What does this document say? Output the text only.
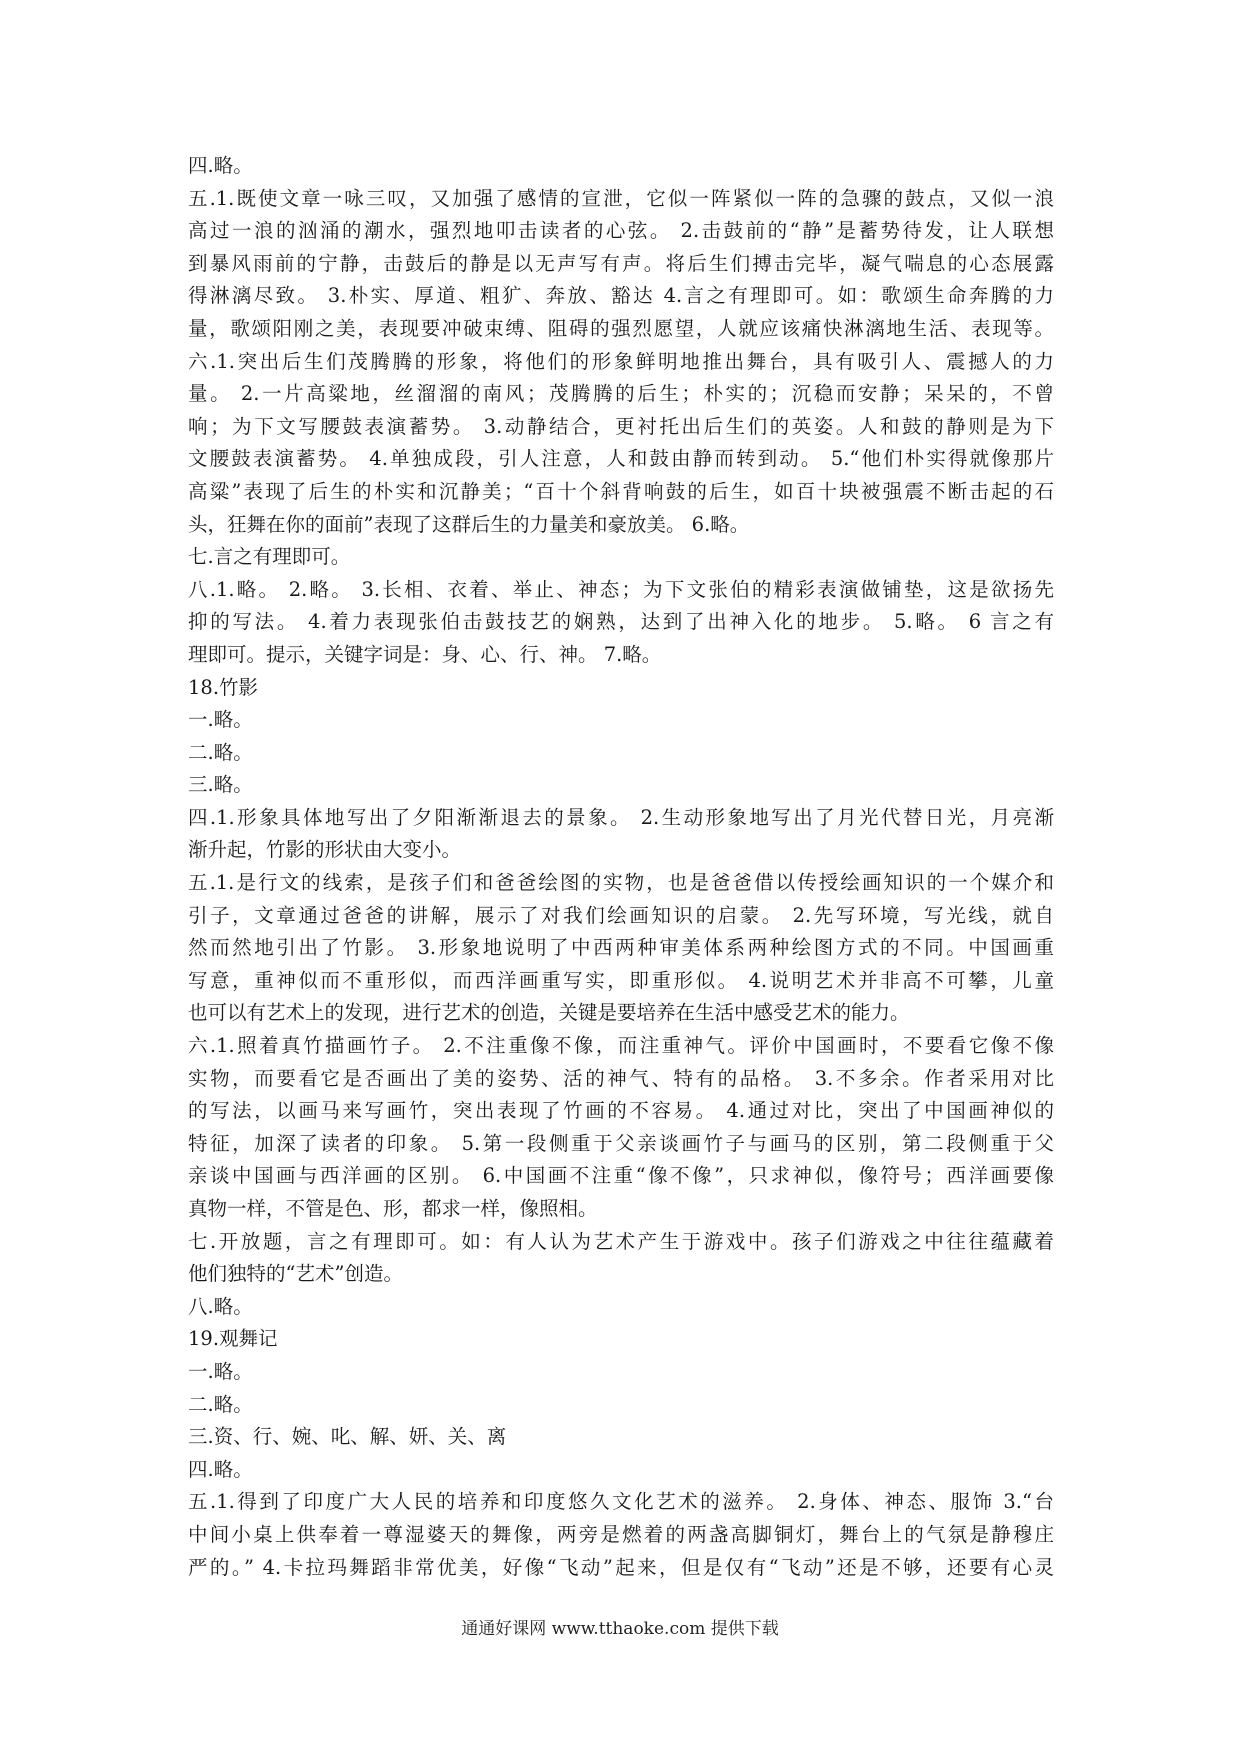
四.略。
五.1.既使文章一咏三叹，又加强了感情的宣泄，它似一阵紧似一阵的急骤的鼓点，又似一浪
高过一浪的汹涌的潮水，强烈地叩击读者的心弦。 2.击鼓前的“静”是蓄势待发，让人联想
到暴风雨前的宁静，击鼓后的静是以无声写有声。将后生们搏击完毕，凝气喘息的心态展露
得淋漓尽致。 3.朴实、厚道、粗犷、奔放、豁达 4.言之有理即可。如：歌颂生命奔腾的力
量，歌颂阳刚之美，表现要冲破束缚、阻碍的强烈愿望，人就应该痛快淋漓地生活、表现等。
六.1.突出后生们茂腾腾的形象，将他们的形象鲜明地推出舞台，具有吸引人、震撼人的力
量。 2.一片高粱地，丝溜溜的南风；茂腾腾的后生；朴实的；沉稳而安静；呆呆的，不曾
响；为下文写腰鼓表演蓄势。 3.动静结合，更衬托出后生们的英姿。人和鼓的静则是为下
文腰鼓表演蓄势。 4.单独成段，引人注意，人和鼓由静而转到动。 5.“他们朴实得就像那片
高粱”表现了后生的朴实和沉静美；“百十个斜背响鼓的后生，如百十块被强震不断击起的石
头，狂舞在你的面前”表现了这群后生的力量美和豪放美。 6.略。
七.言之有理即可。
八.1.略。 2.略。 3.长相、衣着、举止、神态；为下文张伯的精彩表演做铺垫，这是欲扬先
抑的写法。 4.着力表现张伯击鼓技艺的娴熟，达到了出神入化的地步。 5.略。 6 言之有
理即可。提示，关键字词是：身、心、行、神。 7.略。
18.竹影
一.略。
二.略。
三.略。
四.1.形象具体地写出了夕阳渐渐退去的景象。 2.生动形象地写出了月光代替日光，月亮渐
渐升起，竹影的形状由大变小。
五.1.是行文的线索，是孩子们和爸爸绘图的实物，也是爸爸借以传授绘画知识的一个媒介和
引子，文章通过爸爸的讲解，展示了对我们绘画知识的启蒙。 2.先写环境，写光线，就自
然而然地引出了竹影。 3.形象地说明了中西两种审美体系两种绘图方式的不同。中国画重
写意，重神似而不重形似，而西洋画重写实，即重形似。 4.说明艺术并非高不可攀，儿童
也可以有艺术上的发现，进行艺术的创造，关键是要培养在生活中感受艺术的能力。
六.1.照着真竹描画竹子。 2.不注重像不像，而注重神气。评价中国画时，不要看它像不像
实物，而要看它是否画出了美的姿势、活的神气、特有的品格。 3.不多余。作者采用对比
的写法，以画马来写画竹，突出表现了竹画的不容易。 4.通过对比，突出了中国画神似的
特征，加深了读者的印象。 5.第一段侧重于父亲谈画竹子与画马的区别，第二段侧重于父
亲谈中国画与西洋画的区别。 6.中国画不注重“像不像”，只求神似，像符号；西洋画要像
真物一样，不管是色、形，都求一样，像照相。
七.开放题，言之有理即可。如：有人认为艺术产生于游戏中。孩子们游戏之中往往蕴藏着
他们独特的“艺术”创造。
八.略。
19.观舞记
一.略。
二.略。
三.资、行、婉、叱、解、妍、关、离
四.略。
五.1.得到了印度广大人民的培养和印度悠久文化艺术的滋养。 2.身体、神态、服饰 3.“台
中间小桌上供奉着一尊湿婆天的舞像，两旁是燃着的两盏高脚铜灯，舞台上的气氛是静穆庄
严的。” 4.卡拉玛舞蹈非常优美，好像“飞动”起来，但是仅有“飞动”还是不够，还要有心灵
通通好课网 www.tthaoke.com 提供下载
